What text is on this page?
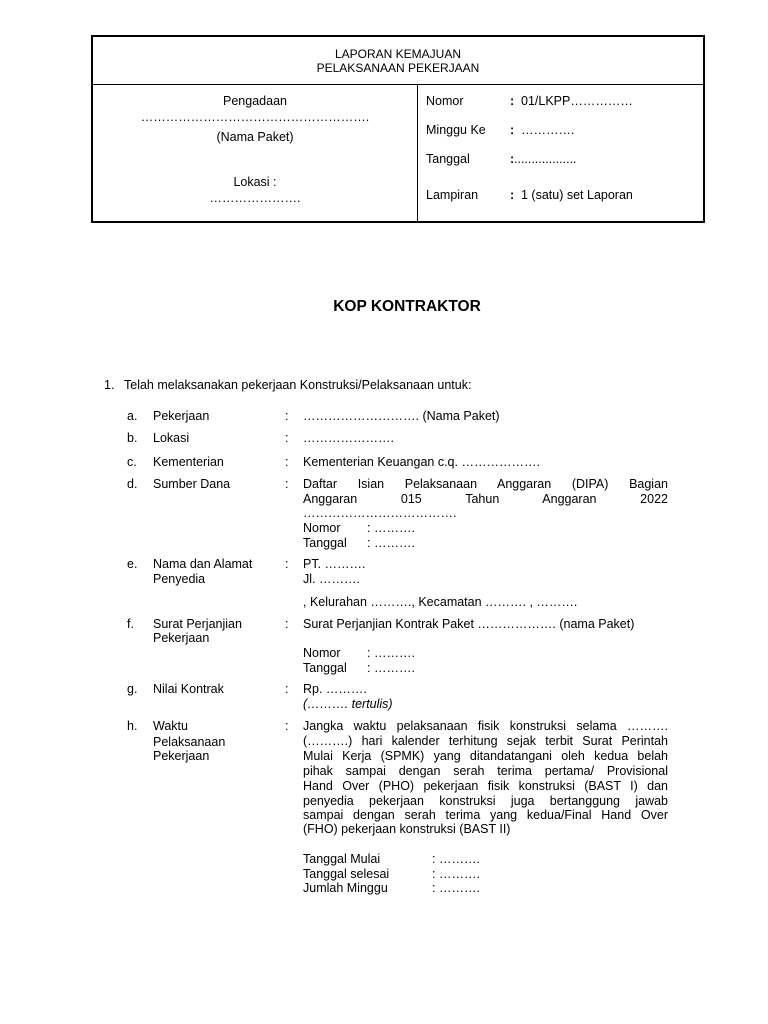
LAPORAN KEMAJUAN
PELAKSANAAN PEKERJAAN
Pengadaan
……………………………………………….
(Nama Paket)
Lokasi :
………………….
Nomor	: 01/LKPP……………
Minggu Ke : ………….
Tanggal	: ..................
Lampiran	: 1 (satu) set Laporan
KOP KONTRAKTOR
1. Telah melaksanakan pekerjaan Konstruksi/Pelaksanaan untuk:
a. Pekerjaan	: ………………………. (Nama Paket)
b. Lokasi	: ………………….
c. Kementerian	: Kementerian Keuangan c.q. ……………….
d. Sumber Dana	: Daftar Isian Pelaksanaan Anggaran (DIPA) Bagian
Anggaran 015 Tahun Anggaran 2022
……………………………….
Nomor : ……….
Tanggal : ……….
e. Nama dan Alamat
Penyedia
: PT. ……….
Jl. ……….
, Kelurahan ………., Kecamatan ………. , ……….
f. Surat Perjanjian
Pekerjaan
: Surat Perjanjian Kontrak Paket ………………. (nama Paket)
Nomor : ……….
Tanggal : ……….
g. Nilai Kontrak	: Rp. ……….
(………. tertulis)
h. Waktu
Pelaksanaan
Pekerjaan
: Jangka waktu pelaksanaan fisik konstruksi selama ……….
(……….) hari kalender terhitung sejak terbit Surat Perintah
Mulai Kerja (SPMK) yang ditandatangani oleh kedua belah
pihak sampai dengan serah terima pertama/ Provisional
Hand Over (PHO) pekerjaan fisik konstruksi (BAST I) dan
penyedia pekerjaan konstruksi juga bertanggung jawab
sampai dengan serah terima yang kedua/Final Hand Over
(FHO) pekerjaan konstruksi (BAST II)
Tanggal Mulai	: ……….
Tanggal selesai	: ……….
Jumlah Minggu	: ……….
